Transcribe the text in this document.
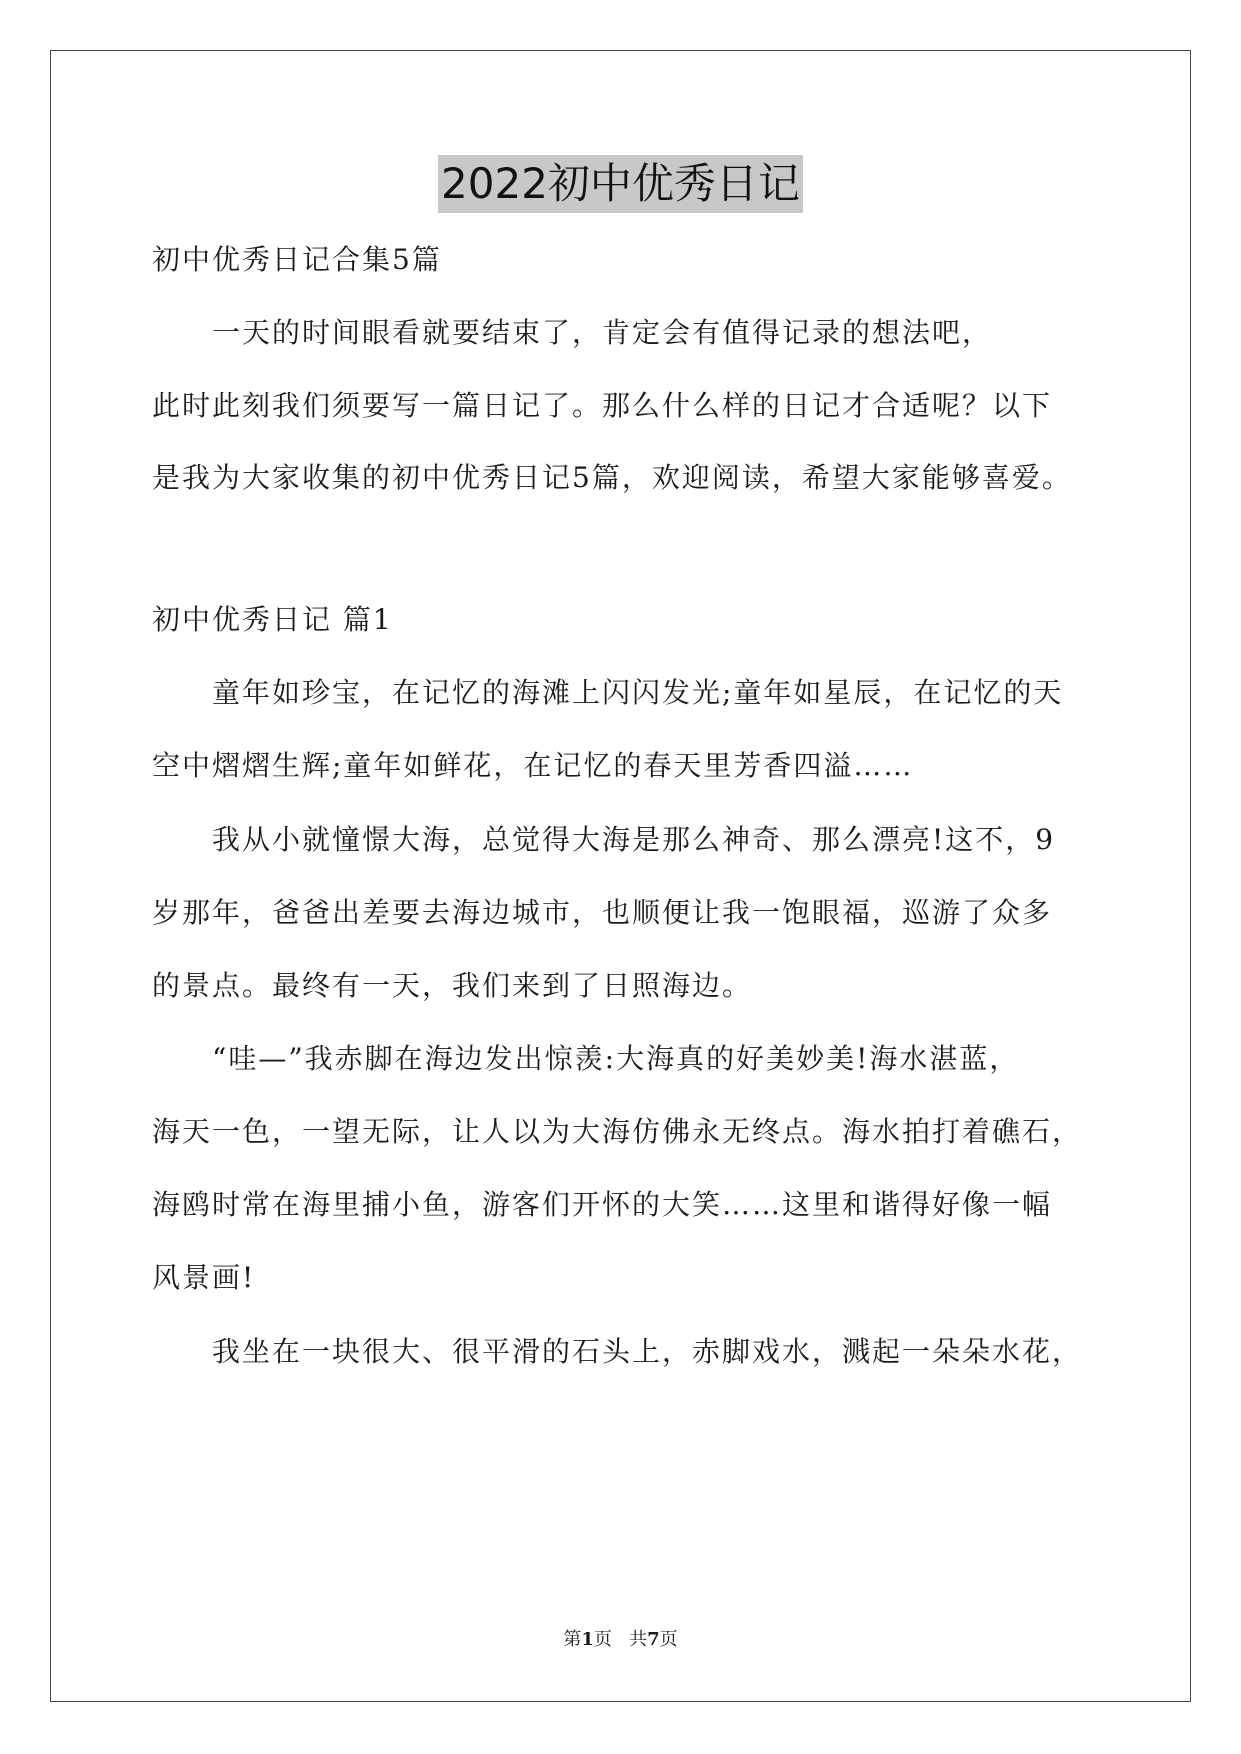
2022初中优秀日记
初中优秀日记合集5篇
　　一天的时间眼看就要结束了，肯定会有值得记录的想法吧，
此时此刻我们须要写一篇日记了。那么什么样的日记才合适呢？以下
是我为大家收集的初中优秀日记5篇，欢迎阅读，希望大家能够喜爱。
初中优秀日记 篇1
　　童年如珍宝，在记忆的海滩上闪闪发光;童年如星辰，在记忆的天
空中熠熠生辉;童年如鲜花，在记忆的春天里芳香四溢……
　　我从小就憧憬大海，总觉得大海是那么神奇、那么漂亮!这不，9
岁那年，爸爸出差要去海边城市，也顺便让我一饱眼福，巡游了众多
的景点。最终有一天，我们来到了日照海边。
　　“哇—”我赤脚在海边发出惊羡:大海真的好美妙美!海水湛蓝，
海天一色，一望无际，让人以为大海仿佛永无终点。海水拍打着礁石，
海鸥时常在海里捕小鱼，游客们开怀的大笑……这里和谐得好像一幅
风景画!
　　我坐在一块很大、很平滑的石头上，赤脚戏水，溅起一朵朵水花，
第1页 共7页
